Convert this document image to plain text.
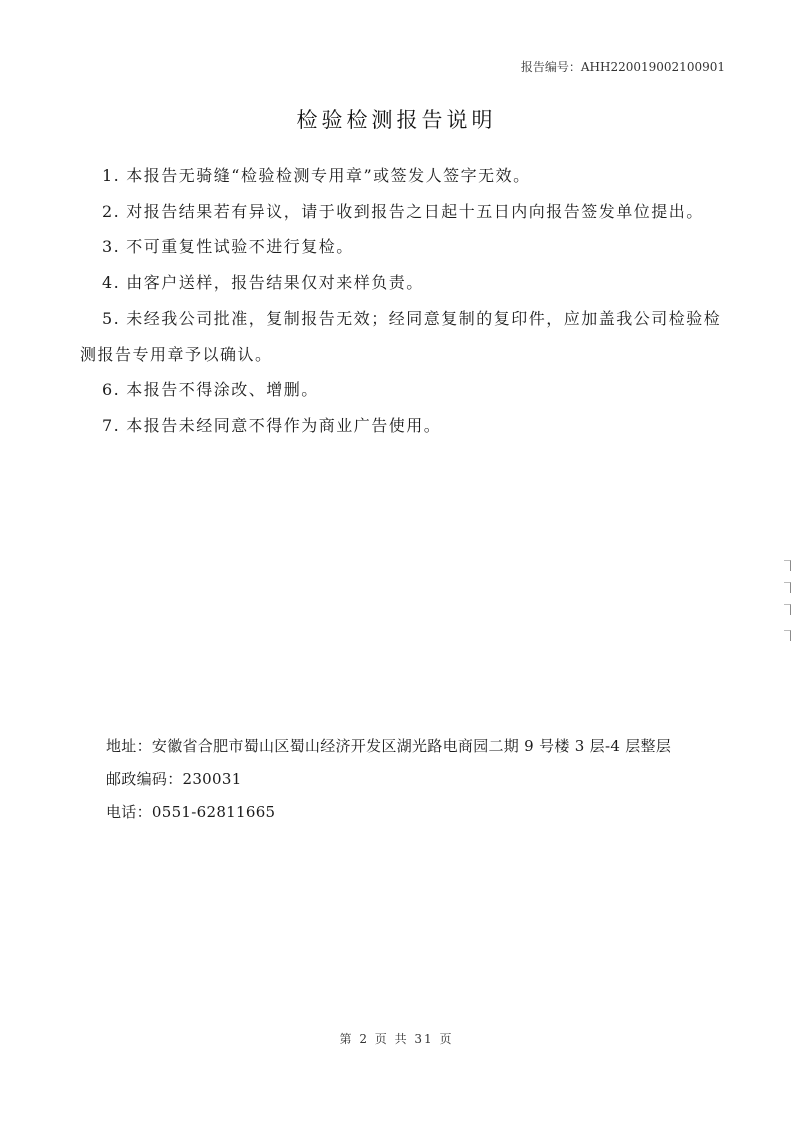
报告编号：AHH220019002100901
检验检测报告说明

1. 本报告无骑缝“检验检测专用章”或签发人签字无效。

2. 对报告结果若有异议，请于收到报告之日起十五日内向报告签发单位提出。

3. 不可重复性试验不进行复检。

4. 由客户送样，报告结果仅对来样负责。

5. 未经我公司批准，复制报告无效；经同意复制的复印件，应加盖我公司检验检测报告专用章予以确认。

6. 本报告不得涂改、增删。

7. 本报告未经同意不得作为商业广告使用。

地址： 安徽省合肥市蜀山区蜀山经济开发区湖光路电商园二期 9 号楼 3 层-4 层整层
邮政编码：230031
电话：0551-62811665
第 2 页 共 31 页
